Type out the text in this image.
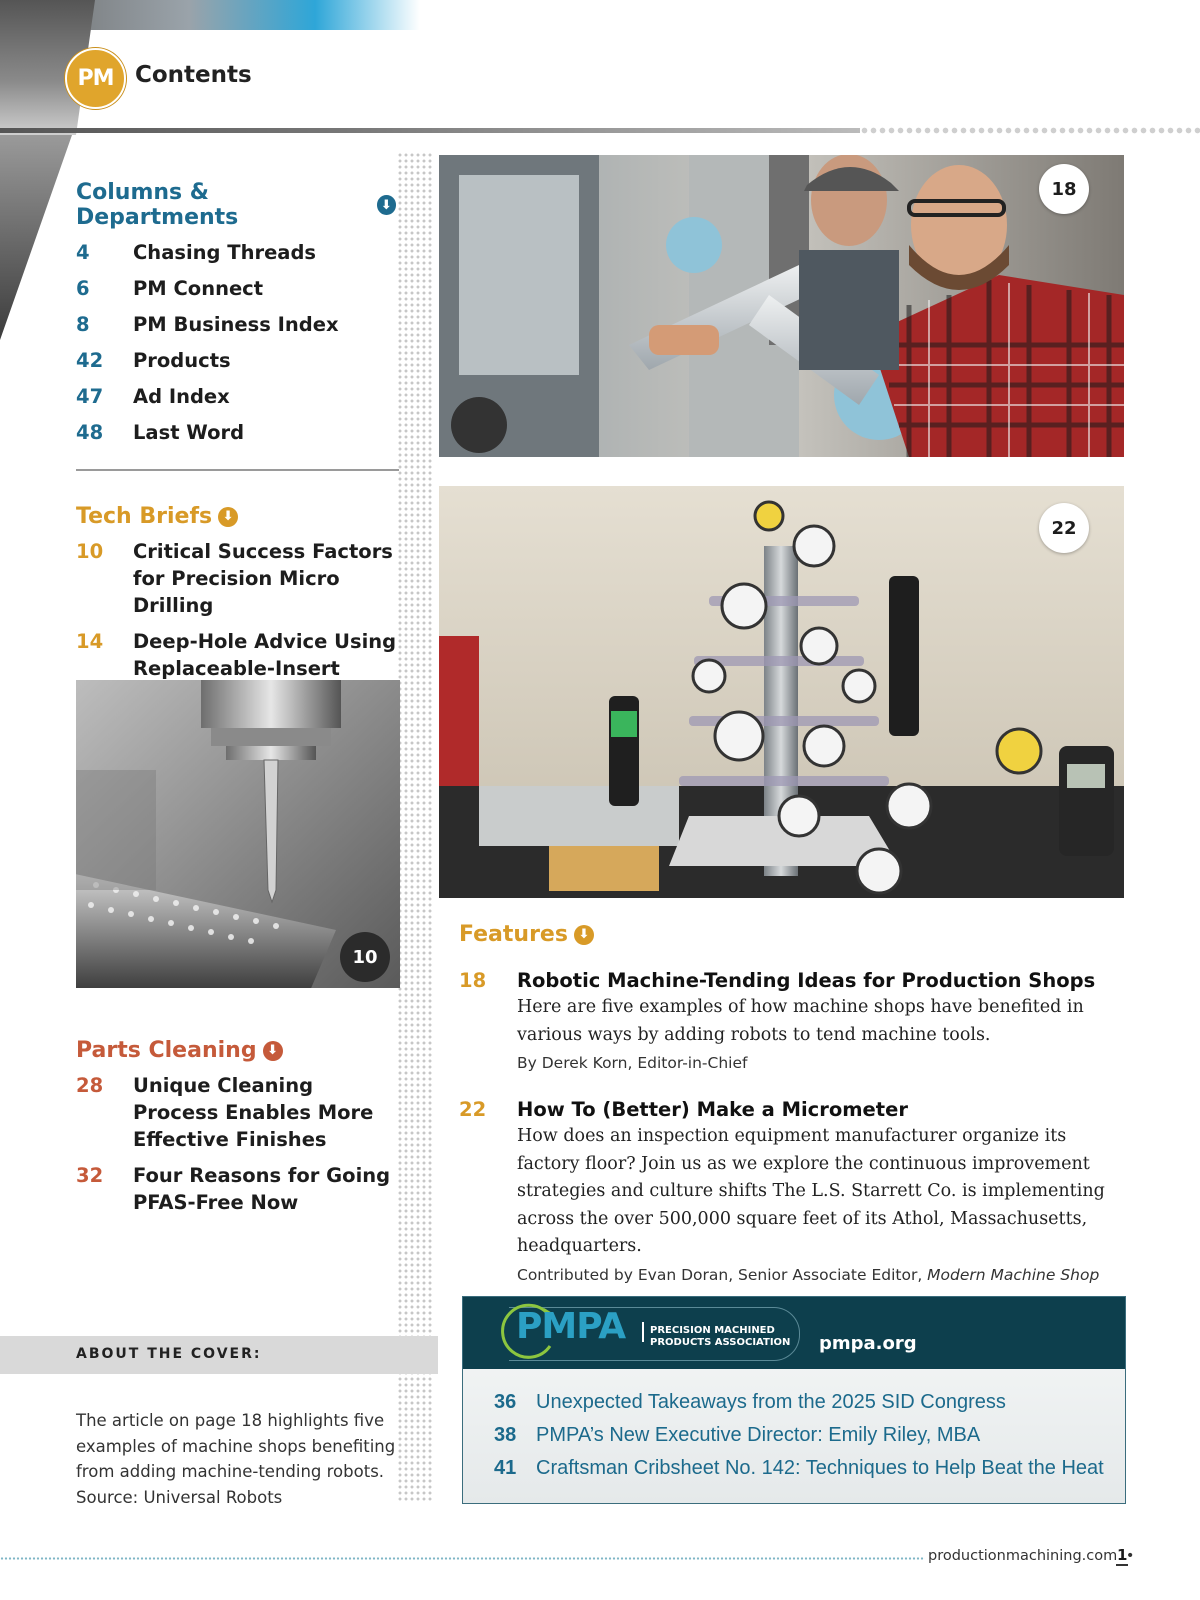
PM Contents
Columns & Departments	⬇
4	Chasing Threads
6	PM Connect
8	PM Business Index
42	Products
47	Ad Index
48	Last Word
Tech Briefs ⬇
10	Critical Success Factors for Precision Micro Drilling
14	Deep-Hole Advice Using Replaceable-Insert
10
Parts Cleaning ⬇
28	Unique Cleaning Process Enables More Effective Finishes
32	Four Reasons for Going PFAS-Free Now
ABOUT THE COVER:
The article on page 18 highlights five examples of machine shops benefiting from adding machine-tending robots. Source: Universal Robots
18
22
Features ⬇
18	Robotic Machine-Tending Ideas for Production Shops
Here are five examples of how machine shops have benefited in various ways by adding robots to tend machine tools.
By Derek Korn, Editor-in-Chief
22	How To (Better) Make a Micrometer
How does an inspection equipment manufacturer organize its factory floor? Join us as we explore the continuous improvement strategies and culture shifts The L.S. Starrett Co. is implementing across the over 500,000 square feet of its Athol, Massachusetts, headquarters.
Contributed by Evan Doran, Senior Associate Editor, Modern Machine Shop
PMPA PRECISION MACHINED PRODUCTS ASSOCIATION	pmpa.org
36 Unexpected Takeaways from the 2025 SID Congress
38 PMPA’s New Executive Director: Emily Riley, MBA
41 Craftsman Cribsheet No. 142: Techniques to Help Beat the Heat
productionmachining.com •
1
